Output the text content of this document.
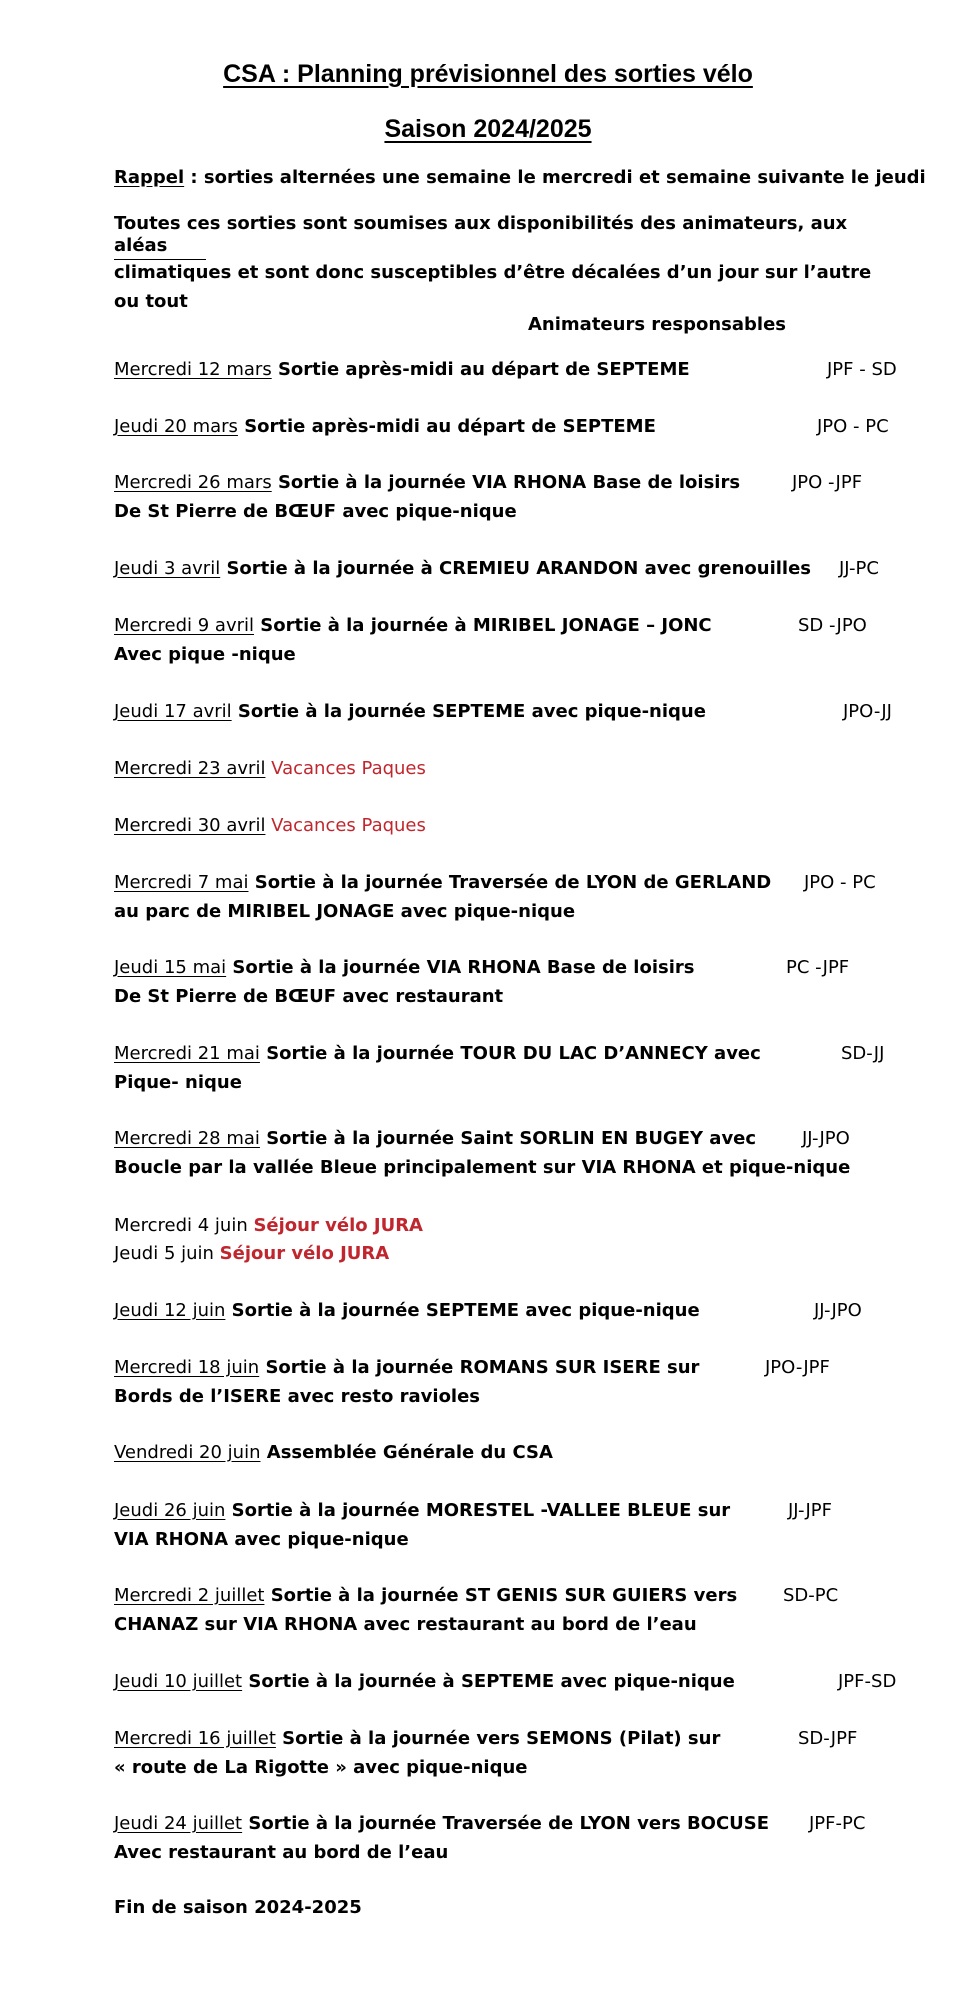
CSA : Planning prévisionnel des sorties vélo
Saison 2024/2025
Rappel : sorties alternées une semaine le mercredi et semaine suivante le jeudi
Toutes ces sorties sont soumises aux disponibilités des animateurs, aux
aléas
climatiques et sont donc susceptibles d’être décalées d’un jour sur l’autre
ou tout
Animateurs responsables
Mercredi 12 mars Sortie après-midi au départ de SEPTEME	JPF - SD
Jeudi 20 mars Sortie après-midi au départ de SEPTEME	JPO - PC
Mercredi 26 mars Sortie à la journée VIA RHONA Base de loisirs
De St Pierre de BŒUF avec pique-nique
JPO -JPF
Jeudi 3 avril Sortie à la journée à CREMIEU ARANDON avec grenouilles JJ-PC
Mercredi 9 avril Sortie à la journée à MIRIBEL JONAGE – JONC
Avec pique -nique
SD -JPO
Jeudi 17 avril Sortie à la journée SEPTEME avec pique-nique	JPO-JJ
Mercredi 23 avril Vacances Paques
Mercredi 30 avril Vacances Paques
Mercredi 7 mai Sortie à la journée Traversée de LYON de GERLAND
au parc de MIRIBEL JONAGE avec pique-nique
JPO - PC
Jeudi 15 mai Sortie à la journée VIA RHONA Base de loisirs
De St Pierre de BŒUF avec restaurant
PC -JPF
Mercredi 21 mai Sortie à la journée TOUR DU LAC D’ANNECY avec
Pique- nique
SD-JJ
Mercredi 28 mai Sortie à la journée Saint SORLIN EN BUGEY avec
Boucle par la vallée Bleue principalement sur VIA RHONA et pique-nique
JJ-JPO
Mercredi 4 juin Séjour vélo JURA
Jeudi 5 juin Séjour vélo JURA
Jeudi 12 juin Sortie à la journée SEPTEME avec pique-nique	JJ-JPO
Mercredi 18 juin Sortie à la journée ROMANS SUR ISERE sur
Bords de l’ISERE avec resto ravioles
JPO-JPF
Vendredi 20 juin Assemblée Générale du CSA
Jeudi 26 juin Sortie à la journée MORESTEL -VALLEE BLEUE sur
VIA RHONA avec pique-nique
JJ-JPF
Mercredi 2 juillet Sortie à la journée ST GENIS SUR GUIERS vers
CHANAZ sur VIA RHONA avec restaurant au bord de l’eau
SD-PC
Jeudi 10 juillet Sortie à la journée à SEPTEME avec pique-nique	JPF-SD
Mercredi 16 juillet Sortie à la journée vers SEMONS (Pilat) sur
« route de La Rigotte » avec pique-nique
SD-JPF
Jeudi 24 juillet Sortie à la journée Traversée de LYON vers BOCUSE
Avec restaurant au bord de l’eau
JPF-PC
Fin de saison 2024-2025
